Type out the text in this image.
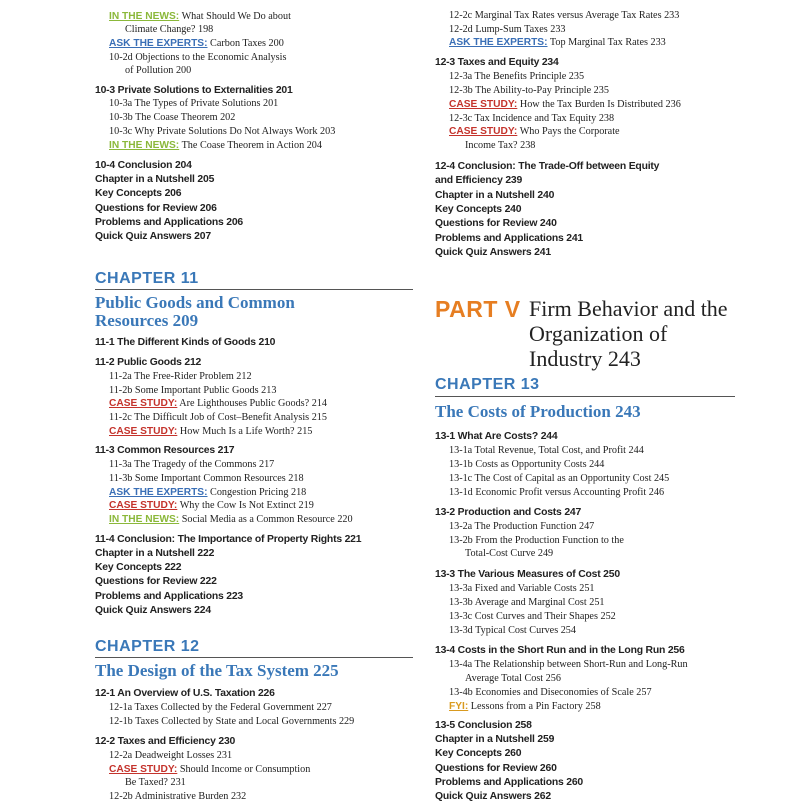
IN THE NEWS: What Should We Do about
Climate Change? 198
ASK THE EXPERTS: Carbon Taxes 200
10-2d Objections to the Economic Analysis
of Pollution 200
10-3 Private Solutions to Externalities 201
10-3a The Types of Private Solutions 201
10-3b The Coase Theorem 202
10-3c Why Private Solutions Do Not Always Work 203
IN THE NEWS: The Coase Theorem in Action 204
10-4 Conclusion 204
Chapter in a Nutshell 205
Key Concepts 206
Questions for Review 206
Problems and Applications 206
Quick Quiz Answers 207
CHAPTER 11
Public Goods and Common Resources 209
11-1 The Different Kinds of Goods 210
11-2 Public Goods 212
11-2a The Free-Rider Problem 212
11-2b Some Important Public Goods 213
CASE STUDY: Are Lighthouses Public Goods? 214
11-2c The Difficult Job of Cost–Benefit Analysis 215
CASE STUDY: How Much Is a Life Worth? 215
11-3 Common Resources 217
11-3a The Tragedy of the Commons 217
11-3b Some Important Common Resources 218
ASK THE EXPERTS: Congestion Pricing 218
CASE STUDY: Why the Cow Is Not Extinct 219
IN THE NEWS: Social Media as a Common Resource 220
11-4 Conclusion: The Importance of Property Rights 221
Chapter in a Nutshell 222
Key Concepts 222
Questions for Review 222
Problems and Applications 223
Quick Quiz Answers 224
CHAPTER 12
The Design of the Tax System 225
12-1 An Overview of U.S. Taxation 226
12-1a Taxes Collected by the Federal Government 227
12-1b Taxes Collected by State and Local Governments 229
12-2 Taxes and Efficiency 230
12-2a Deadweight Losses 231
CASE STUDY: Should Income or Consumption
Be Taxed? 231
12-2b Administrative Burden 232
12-2c Marginal Tax Rates versus Average Tax Rates 233
12-2d Lump-Sum Taxes 233
ASK THE EXPERTS: Top Marginal Tax Rates 233
12-3 Taxes and Equity 234
12-3a The Benefits Principle 235
12-3b The Ability-to-Pay Principle 235
CASE STUDY: How the Tax Burden Is Distributed 236
12-3c Tax Incidence and Tax Equity 238
CASE STUDY: Who Pays the Corporate
Income Tax? 238
12-4 Conclusion: The Trade-Off between Equity
and Efficiency 239
Chapter in a Nutshell 240
Key Concepts 240
Questions for Review 240
Problems and Applications 241
Quick Quiz Answers 241
PART V Firm Behavior and the Organization of Industry 243
CHAPTER 13
The Costs of Production 243
13-1 What Are Costs? 244
13-1a Total Revenue, Total Cost, and Profit 244
13-1b Costs as Opportunity Costs 244
13-1c The Cost of Capital as an Opportunity Cost 245
13-1d Economic Profit versus Accounting Profit 246
13-2 Production and Costs 247
13-2a The Production Function 247
13-2b From the Production Function to the
Total-Cost Curve 249
13-3 The Various Measures of Cost 250
13-3a Fixed and Variable Costs 251
13-3b Average and Marginal Cost 251
13-3c Cost Curves and Their Shapes 252
13-3d Typical Cost Curves 254
13-4 Costs in the Short Run and in the Long Run 256
13-4a The Relationship between Short-Run and Long-Run
Average Total Cost 256
13-4b Economies and Diseconomies of Scale 257
FYI: Lessons from a Pin Factory 258
13-5 Conclusion 258
Chapter in a Nutshell 259
Key Concepts 260
Questions for Review 260
Problems and Applications 260
Quick Quiz Answers 262
